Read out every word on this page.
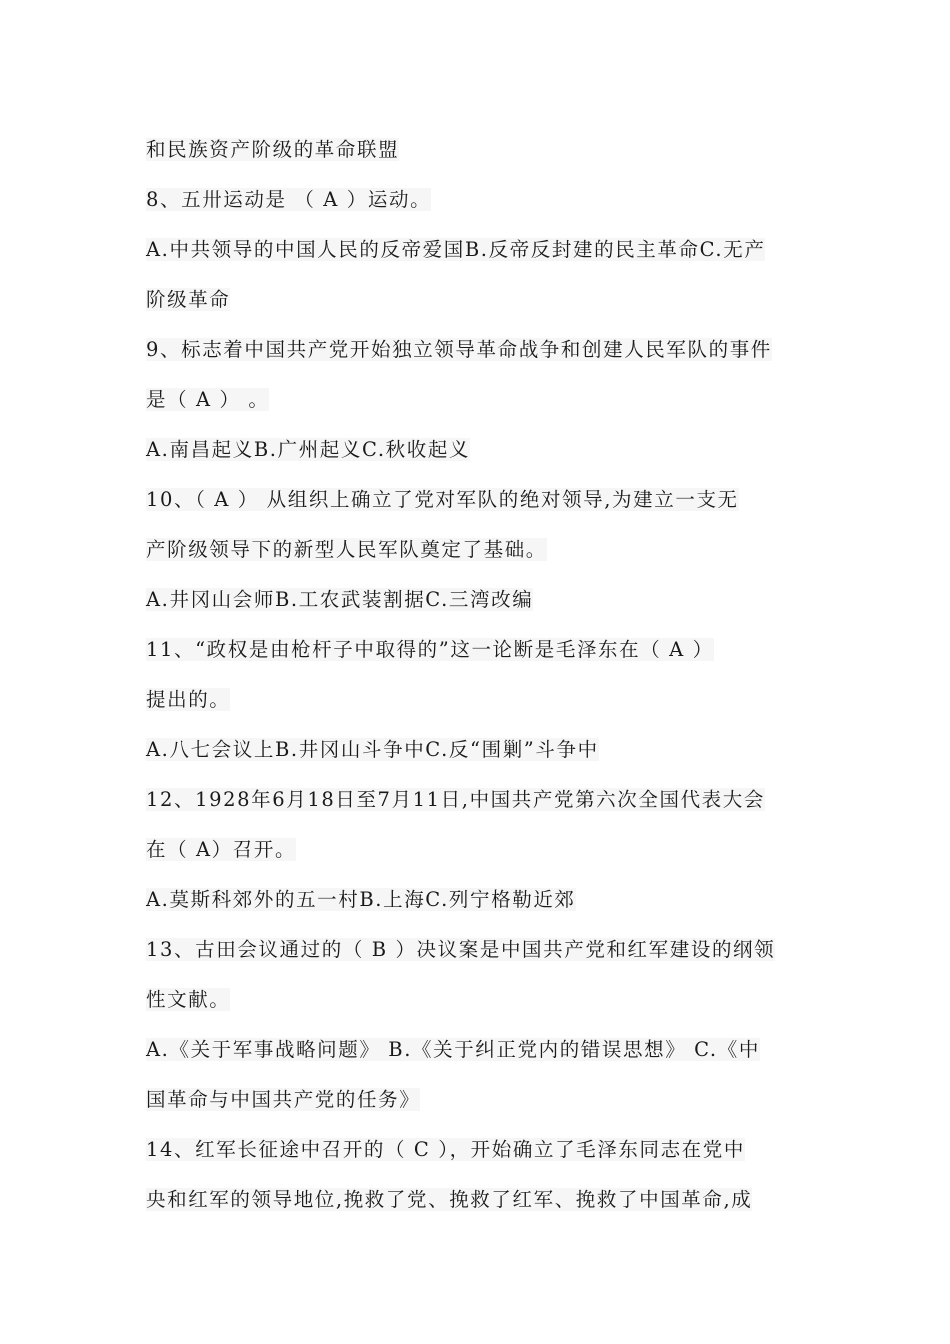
和民族资产阶级的革命联盟
8、五卅运动是 （ A ）运动。
A.中共领导的中国人民的反帝爱国B.反帝反封建的民主革命C.无产
阶级革命
9、标志着中国共产党开始独立领导革命战争和创建人民军队的事件
是（ A ） 。
A.南昌起义B.广州起义C.秋收起义
10、（ A ） 从组织上确立了党对军队的绝对领导,为建立一支无
产阶级领导下的新型人民军队奠定了基础。
A.井冈山会师B.工农武装割据C.三湾改编
11、“政权是由枪杆子中取得的”这一论断是毛泽东在（ A ）
提出的。
A.八七会议上B.井冈山斗争中C.反“围剿”斗争中
12、1928年6月18日至7月11日,中国共产党第六次全国代表大会
在（ A）召开。
A.莫斯科郊外的五一村B.上海C.列宁格勒近郊
13、古田会议通过的（ B ）决议案是中国共产党和红军建设的纲领
性文献。
A.《关于军事战略问题》 B.《关于纠正党内的错误思想》 C.《中
国革命与中国共产党的任务》
14、红军长征途中召开的（ C ），开始确立了毛泽东同志在党中
央和红军的领导地位,挽救了党、挽救了红军、挽救了中国革命,成
